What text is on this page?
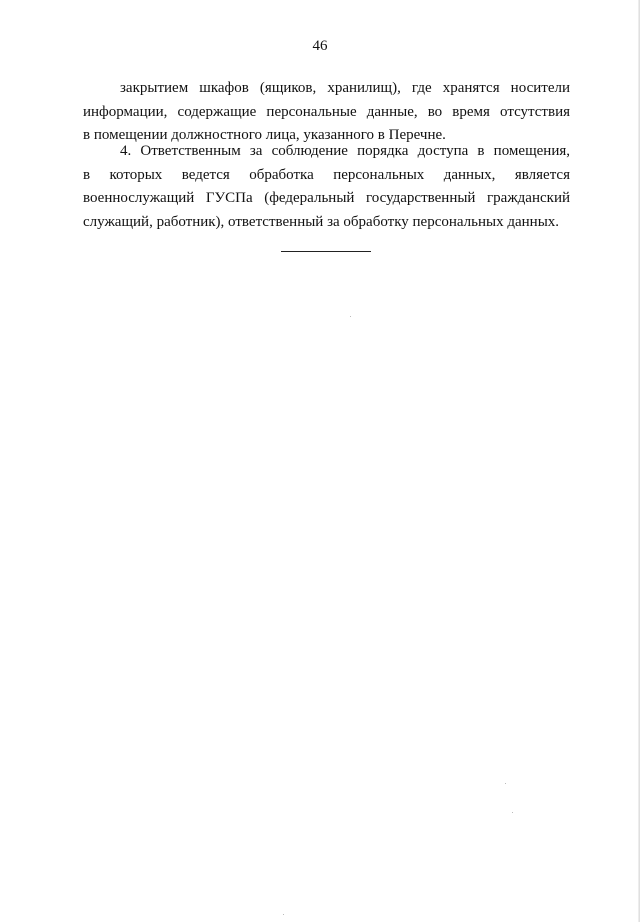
46
закрытием шкафов (ящиков, хранилищ), где хранятся носители
информации, содержащие персональные данные, во время отсутствия
в помещении должностного лица, указанного в Перечне.
4. Ответственным за соблюдение порядка доступа в помещения,
в которых ведется обработка персональных данных, является
военнослужащий ГУСПа (федеральный государственный гражданский
служащий, работник), ответственный за обработку персональных данных.
